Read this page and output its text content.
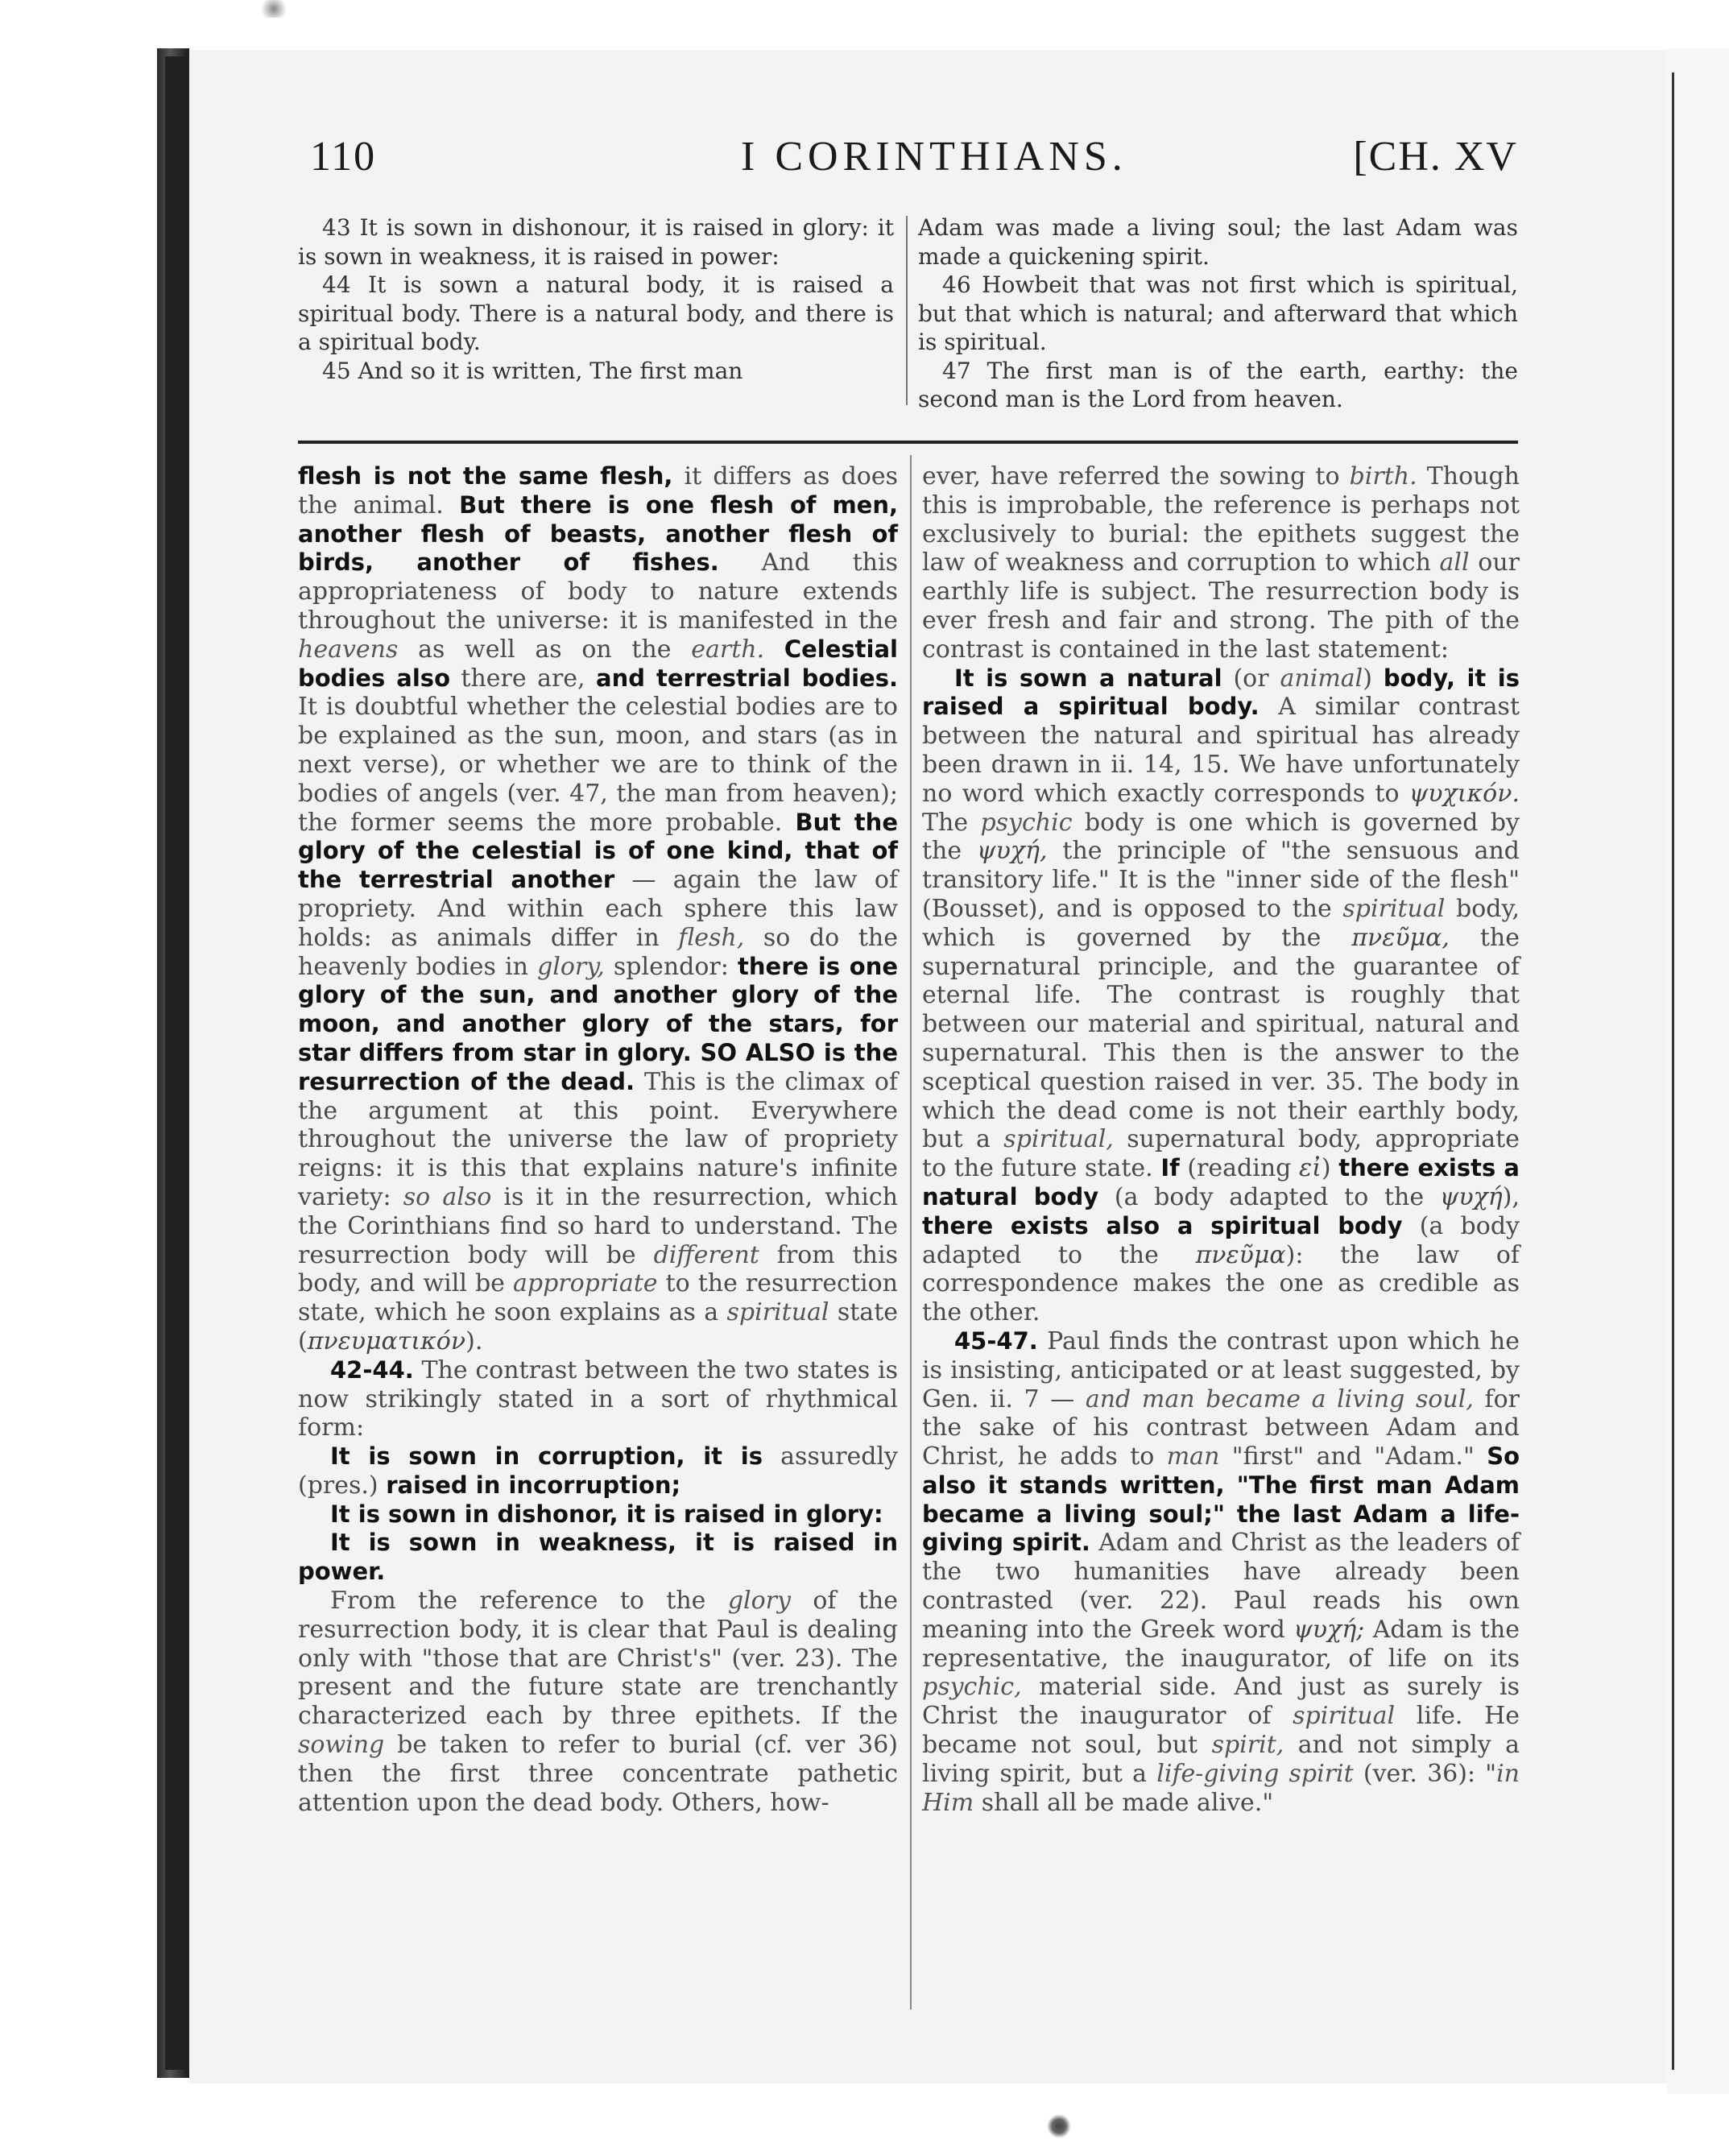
110	I CORINTHIANS.	[CH. XV

43 It is sown in dishonour, it is raised in glory: it is sown in weakness, it is raised in power:

44 It is sown a natural body, it is raised a spiritual body. There is a natural body, and there is a spiritual body.

45 And so it is written, The first man

Adam was made a living soul; the last Adam was made a quickening spirit.

46 Howbeit that was not first which is spiritual, but that which is natural; and afterward that which is spiritual.

47 The first man is of the earth, earthy: the second man is the Lord from heaven.

flesh is not the same flesh, it differs as does the animal. But there is one flesh of men, another flesh of beasts, another flesh of birds, another of fishes. And this appropriateness of body to nature extends throughout the universe: it is manifested in the heavens as well as on the earth. Celestial bodies also there are, and terrestrial bodies. It is doubtful whether the celestial bodies are to be explained as the sun, moon, and stars (as in next verse), or whether we are to think of the bodies of angels (ver. 47, the man from heaven); the former seems the more probable. But the glory of the celestial is of one kind, that of the terrestrial another — again the law of propriety. And within each sphere this law holds: as animals differ in flesh, so do the heavenly bodies in glory, splendor: there is one glory of the sun, and another glory of the moon, and another glory of the stars, for star differs from star in glory. SO ALSO is the resurrection of the dead. This is the climax of the argument at this point. Everywhere throughout the universe the law of propriety reigns: it is this that explains nature's infinite variety: so also is it in the resurrection, which the Corinthians find so hard to understand. The resurrection body will be different from this body, and will be appropriate to the resurrection state, which he soon explains as a spiritual state (πνευματικόν).

42-44. The contrast between the two states is now strikingly stated in a sort of rhythmical form:

It is sown in corruption, it is assuredly (pres.) raised in incorruption;

It is sown in dishonor, it is raised in glory:

It is sown in weakness, it is raised in power.

From the reference to the glory of the resurrection body, it is clear that Paul is dealing only with "those that are Christ's" (ver. 23). The present and the future state are trenchantly characterized each by three epithets. If the sowing be taken to refer to burial (cf. ver 36) then the first three concentrate pathetic attention upon the dead body. Others, how-

ever, have referred the sowing to birth. Though this is improbable, the reference is perhaps not exclusively to burial: the epithets suggest the law of weakness and corruption to which all our earthly life is subject. The resurrection body is ever fresh and fair and strong. The pith of the contrast is contained in the last statement:

It is sown a natural (or animal) body, it is raised a spiritual body. A similar contrast between the natural and spiritual has already been drawn in ii. 14, 15. We have unfortunately no word which exactly corresponds to ψυχικόν. The psychic body is one which is governed by the ψυχή, the principle of "the sensuous and transitory life." It is the "inner side of the flesh" (Bousset), and is opposed to the spiritual body, which is governed by the πνεῦμα, the supernatural principle, and the guarantee of eternal life. The contrast is roughly that between our material and spiritual, natural and supernatural. This then is the answer to the sceptical question raised in ver. 35. The body in which the dead come is not their earthly body, but a spiritual, supernatural body, appropriate to the future state. If (reading εἰ) there exists a natural body (a body adapted to the ψυχή), there exists also a spiritual body (a body adapted to the πνεῦμα): the law of correspondence makes the one as credible as the other.

45-47. Paul finds the contrast upon which he is insisting, anticipated or at least suggested, by Gen. ii. 7 — and man became a living soul, for the sake of his contrast between Adam and Christ, he adds to man "first" and "Adam." So also it stands written, "The first man Adam became a living soul;" the last Adam a life-giving spirit. Adam and Christ as the leaders of the two humanities have already been contrasted (ver. 22). Paul reads his own meaning into the Greek word ψυχή; Adam is the representative, the inaugurator, of life on its psychic, material side. And just as surely is Christ the inaugurator of spiritual life. He became not soul, but spirit, and not simply a living spirit, but a life-giving spirit (ver. 36): "in Him shall all be made alive."
